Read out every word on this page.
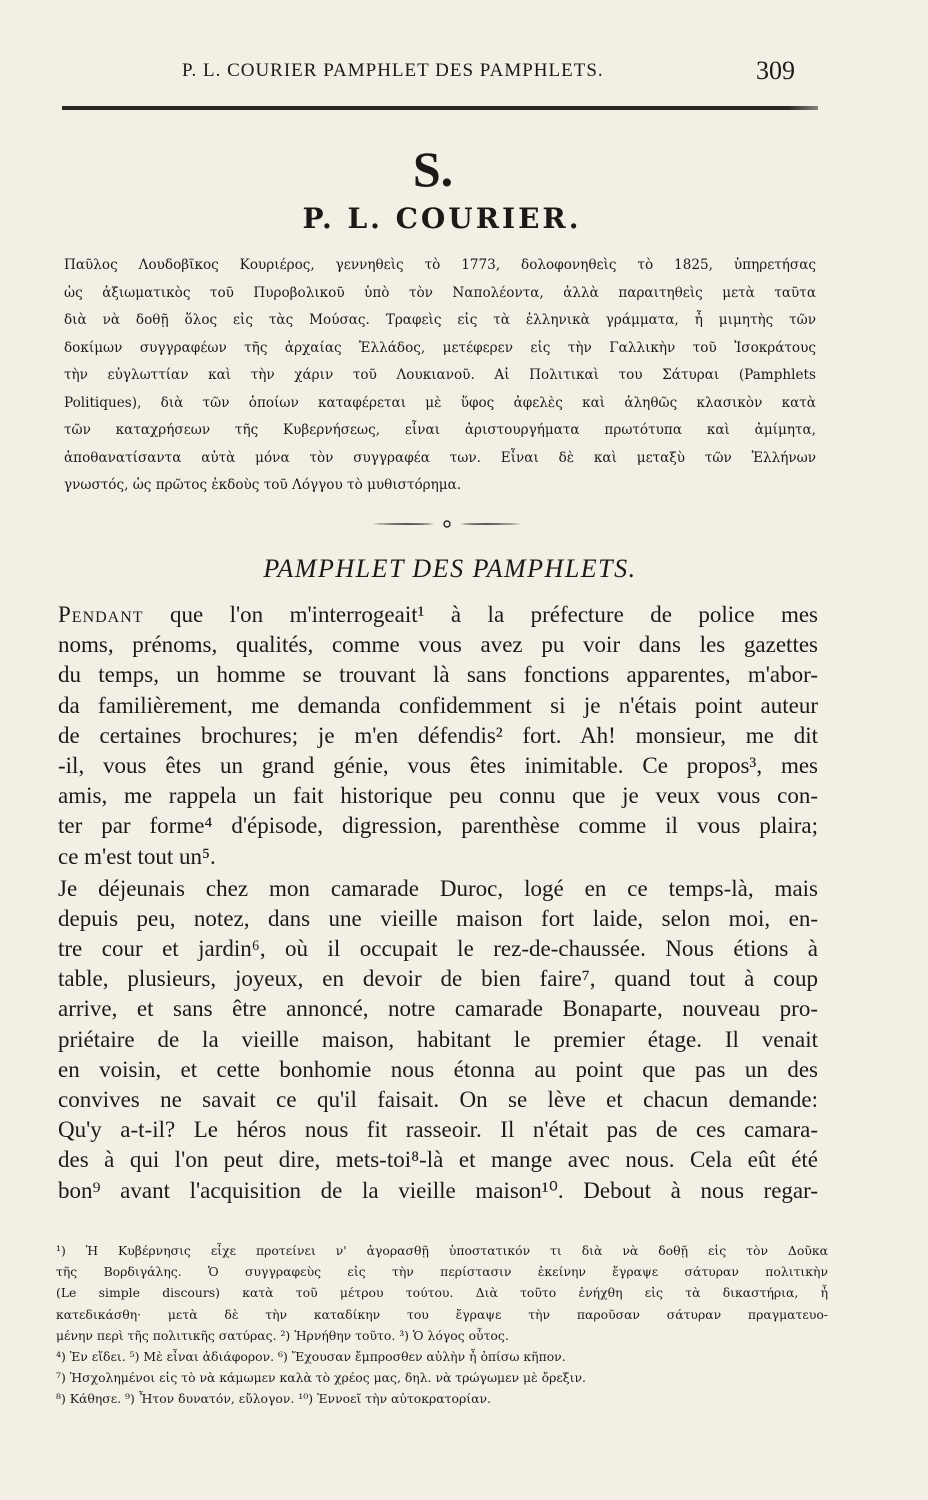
P. L. COURIER PAMPHLET DES PAMPHLETS.	309
S.
P. L. COURIER.
Παῦλος Λουδοβῖκος Κουριέρος, γεννηθεὶς τὸ 1773, δολοφονηθεὶς τὸ 1825, ὑπηρετήσας
ὡς ἀξιωματικὸς τοῦ Πυροβολικοῦ ὑπὸ τὸν Ναπολέοντα, ἀλλὰ παραιτηθεὶς μετὰ ταῦτα
διὰ νὰ δοθῇ ὅλος εἰς τὰς Μούσας. Τραφεὶς εἰς τὰ ἑλληνικὰ γράμματα, ἦ μιμητὴς τῶν
δοκίμων συγγραφέων τῆς ἀρχαίας Ἑλλάδος, μετέφερεν εἰς τὴν Γαλλικὴν τοῦ Ἰσοκράτους
τὴν εὐγλωττίαν καὶ τὴν χάριν τοῦ Λουκιανοῦ. Αἱ Πολιτικαὶ του Σάτυραι (Pamphlets
Politiques), διὰ τῶν ὁποίων καταφέρεται μὲ ὕφος ἀφελὲς καὶ ἀληθῶς κλασικὸν κατὰ
τῶν καταχρήσεων τῆς Κυβερνήσεως, εἶναι ἀριστουργήματα πρωτότυπα καὶ ἀμίμητα,
ἀποθανατίσαντα αὐτὰ μόνα τὸν συγγραφέα των. Εἶναι δὲ καὶ μεταξὺ τῶν Ἑλλήνων
γνωστός, ὡς πρῶτος ἐκδοὺς τοῦ Λόγγου τὸ μυθιστόρημα.
PAMPHLET DES PAMPHLETS.
Pendant que l'on m'interrogeait¹ à la préfecture de police mes
noms, prénoms, qualités, comme vous avez pu voir dans les gazettes
du temps, un homme se trouvant là sans fonctions apparentes, m'abor-
da familièrement, me demanda confidemment si je n'étais point auteur
de certaines brochures; je m'en défendis² fort. Ah! monsieur, me dit
-il, vous êtes un grand génie, vous êtes inimitable. Ce propos³, mes
amis, me rappela un fait historique peu connu que je veux vous con-
ter par forme⁴ d'épisode, digression, parenthèse comme il vous plaira;
ce m'est tout un⁵.
Je déjeunais chez mon camarade Duroc, logé en ce temps-là, mais
depuis peu, notez, dans une vieille maison fort laide, selon moi, en-
tre cour et jardin⁶, où il occupait le rez-de-chaussée. Nous étions à
table, plusieurs, joyeux, en devoir de bien faire⁷, quand tout à coup
arrive, et sans être annoncé, notre camarade Bonaparte, nouveau pro-
priétaire de la vieille maison, habitant le premier étage. Il venait
en voisin, et cette bonhomie nous étonna au point que pas un des
convives ne savait ce qu'il faisait. On se lève et chacun demande:
Qu'y a-t-il? Le héros nous fit rasseoir. Il n'était pas de ces camara-
des à qui l'on peut dire, mets-toi⁸-là et mange avec nous. Cela eût été
bon⁹ avant l'acquisition de la vieille maison¹⁰. Debout à nous regar-
¹) Ἡ Κυβέρνησις εἶχε προτείνει ν' ἀγορασθῇ ὑποστατικόν τι διὰ νὰ δοθῇ εἰς τὸν Δοῦκα
τῆς Βορδιγάλης. Ὁ συγγραφεὺς εἰς τὴν περίστασιν ἐκείνην ἔγραψε σάτυραν πολιτικὴν
(Le simple discours) κατὰ τοῦ μέτρου τούτου. Διὰ τοῦτο ἐνήχθη εἰς τὰ δικαστήρια, ἦ
κατεδικάσθη· μετὰ δὲ τὴν καταδίκην του ἔγραψε τὴν παροῦσαν σάτυραν πραγματευο-
μένην περὶ τῆς πολιτικῆς σατύρας. ²) Ἠρνήθην τοῦτο. ³) Ὁ λόγος οὗτος.
⁴) Ἐν εἴδει. ⁵) Μὲ εἶναι ἀδιάφορον. ⁶) Ἔχουσαν ἔμπροσθεν αὐλὴν ἦ ὀπίσω κῆπον.
⁷) Ἠσχολημένοι εἰς τὸ νὰ κάμωμεν καλὰ τὸ χρέος μας, δηλ. νὰ τρώγωμεν μὲ ὄρεξιν.
⁸) Κάθησε. ⁹) Ἦτον δυνατόν, εὔλογον. ¹⁰) Ἐννοεῖ τὴν αὐτοκρατορίαν.
